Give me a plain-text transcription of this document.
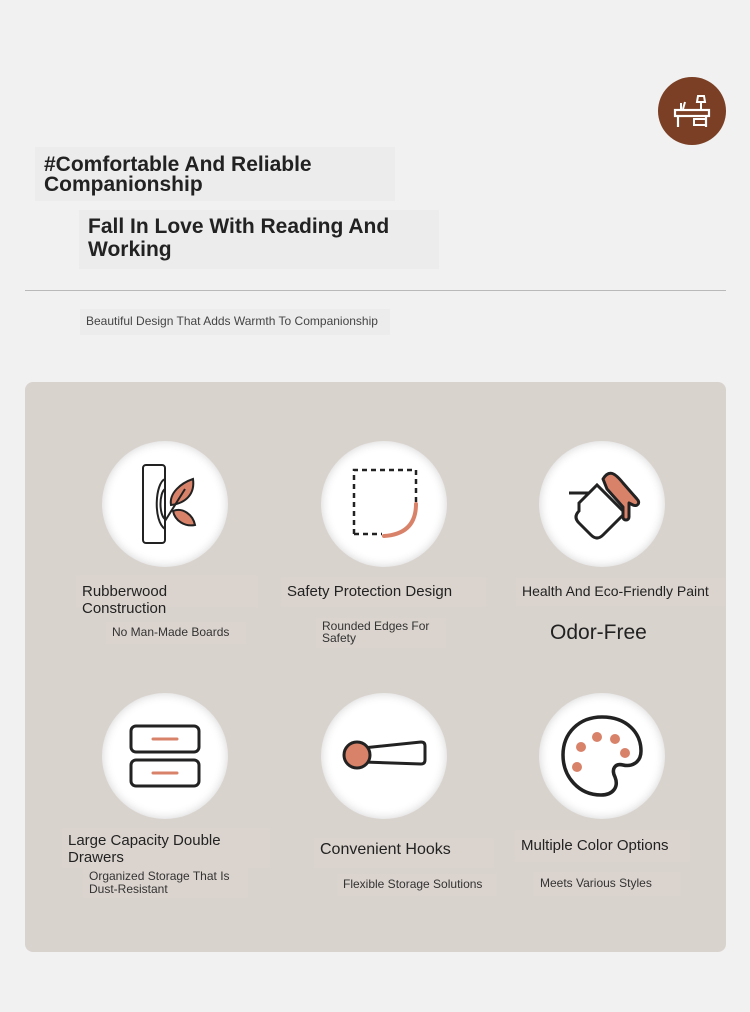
#Comfortable And Reliable Companionship
Fall In Love With Reading And Working
Beautiful Design That Adds Warmth To Companionship
Rubberwood Construction
No Man-Made Boards
Safety Protection Design
Rounded Edges For Safety
Health And Eco-Friendly Paint
Odor-Free
Large Capacity Double Drawers
Organized Storage That Is Dust-Resistant
Convenient Hooks
Flexible Storage Solutions
Multiple Color Options
Meets Various Styles
